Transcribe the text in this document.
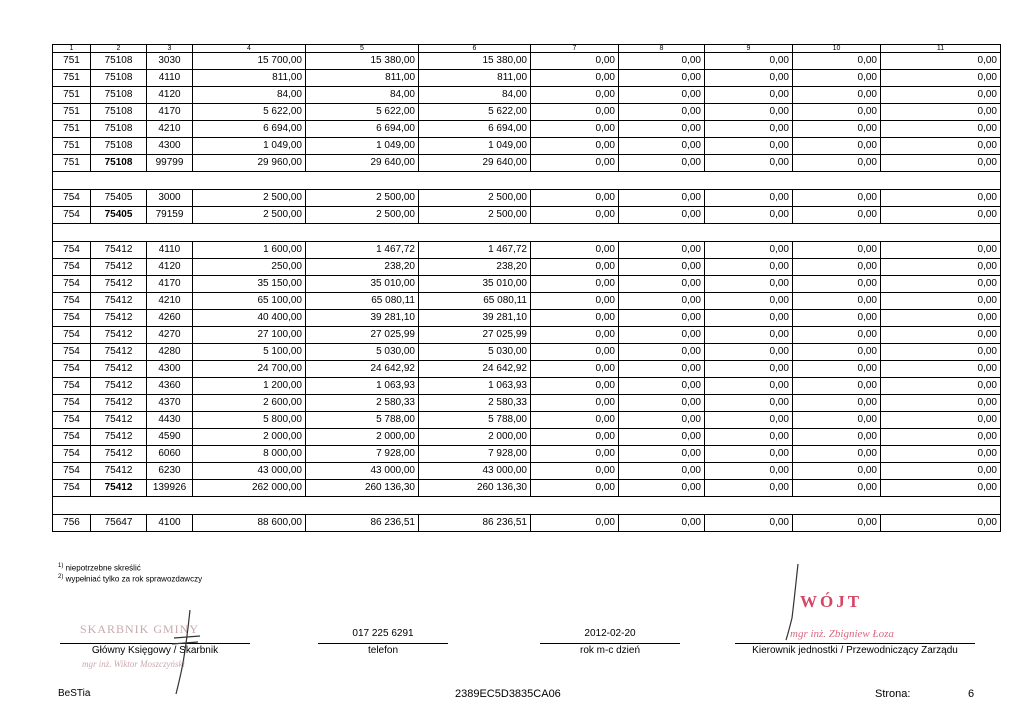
1	2	3	4	5	6	7	8	9	10	11
751	75108	3030	15 700,00	15 380,00	15 380,00	0,00	0,00	0,00	0,00	0,00
751	75108	4110	811,00	811,00	811,00	0,00	0,00	0,00	0,00	0,00
751	75108	4120	84,00	84,00	84,00	0,00	0,00	0,00	0,00	0,00
751	75108	4170	5 622,00	5 622,00	5 622,00	0,00	0,00	0,00	0,00	0,00
751	75108	4210	6 694,00	6 694,00	6 694,00	0,00	0,00	0,00	0,00	0,00
751	75108	4300	1 049,00	1 049,00	1 049,00	0,00	0,00	0,00	0,00	0,00
751	75108	99799	29 960,00	29 640,00	29 640,00	0,00	0,00	0,00	0,00	0,00

754	75405	3000	2 500,00	2 500,00	2 500,00	0,00	0,00	0,00	0,00	0,00
754	75405	79159	2 500,00	2 500,00	2 500,00	0,00	0,00	0,00	0,00	0,00

754	75412	4110	1 600,00	1 467,72	1 467,72	0,00	0,00	0,00	0,00	0,00
754	75412	4120	250,00	238,20	238,20	0,00	0,00	0,00	0,00	0,00
754	75412	4170	35 150,00	35 010,00	35 010,00	0,00	0,00	0,00	0,00	0,00
754	75412	4210	65 100,00	65 080,11	65 080,11	0,00	0,00	0,00	0,00	0,00
754	75412	4260	40 400,00	39 281,10	39 281,10	0,00	0,00	0,00	0,00	0,00
754	75412	4270	27 100,00	27 025,99	27 025,99	0,00	0,00	0,00	0,00	0,00
754	75412	4280	5 100,00	5 030,00	5 030,00	0,00	0,00	0,00	0,00	0,00
754	75412	4300	24 700,00	24 642,92	24 642,92	0,00	0,00	0,00	0,00	0,00
754	75412	4360	1 200,00	1 063,93	1 063,93	0,00	0,00	0,00	0,00	0,00
754	75412	4370	2 600,00	2 580,33	2 580,33	0,00	0,00	0,00	0,00	0,00
754	75412	4430	5 800,00	5 788,00	5 788,00	0,00	0,00	0,00	0,00	0,00
754	75412	4590	2 000,00	2 000,00	2 000,00	0,00	0,00	0,00	0,00	0,00
754	75412	6060	8 000,00	7 928,00	7 928,00	0,00	0,00	0,00	0,00	0,00
754	75412	6230	43 000,00	43 000,00	43 000,00	0,00	0,00	0,00	0,00	0,00
754	75412	139926	262 000,00	260 136,30	260 136,30	0,00	0,00	0,00	0,00	0,00

756	75647	4100	88 600,00	86 236,51	86 236,51	0,00	0,00	0,00	0,00	0,00
$^{1)}$ niepotrzebne skreślić
$^{2)}$ wypełniać tylko za rok sprawozdawczy
SKARBNIK GMINY
Główny Księgowy / Skarbnik
mgr inż. Wiktor Moszczyński
017 225 6291
telefon
2012-02-20
rok m-c dzień
WÓJT
mgr inż. Zbigniew Łoza
Kierownik jednostki / Przewodniczący Zarządu
BeSTia	2389EC5D3835CA06	Strona:	6
